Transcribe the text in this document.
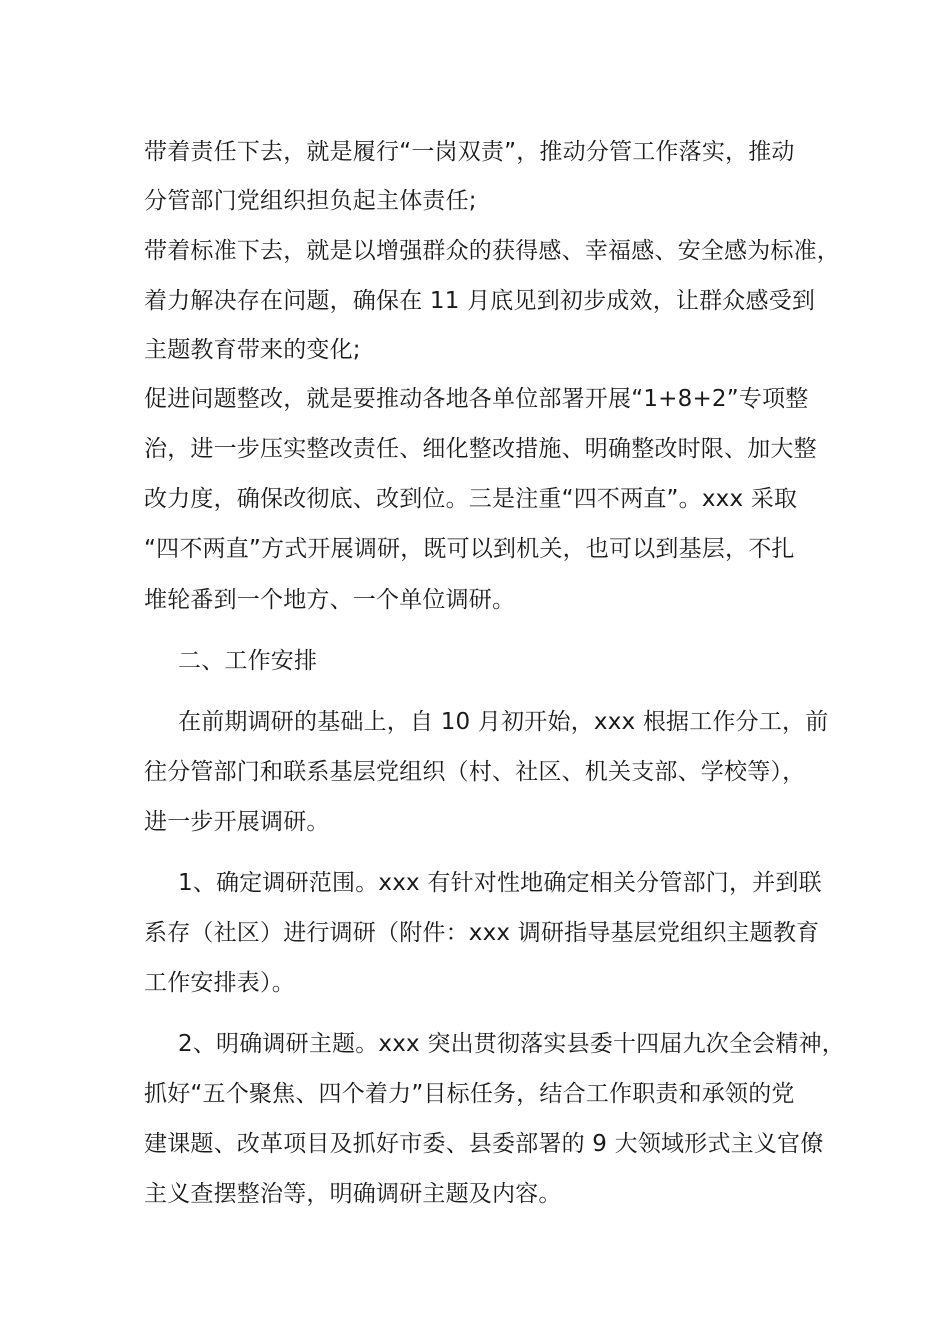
带着责任下去，就是履行“一岗双责”，推动分管工作落实，推动
分管部门党组织担负起主体责任;
带着标准下去，就是以增强群众的获得感、幸福感、安全感为标准，
着力解决存在问题，确保在 11 月底见到初步成效，让群众感受到
主题教育带来的变化;
促进问题整改，就是要推动各地各单位部署开展“1+8+2”专项整
治，进一步压实整改责任、细化整改措施、明确整改时限、加大整
改力度，确保改彻底、改到位。三是注重“四不两直”。xxx 采取
“四不两直”方式开展调研，既可以到机关，也可以到基层，不扎
堆轮番到一个地方、一个单位调研。
二、工作安排
在前期调研的基础上，自 10 月初开始，xxx 根据工作分工，前
往分管部门和联系基层党组织（村、社区、机关支部、学校等），
进一步开展调研。
1、确定调研范围。xxx 有针对性地确定相关分管部门，并到联
系存（社区）进行调研（附件：xxx 调研指导基层党组织主题教育
工作安排表）。
2、明确调研主题。xxx 突出贯彻落实县委十四届九次全会精神，
抓好“五个聚焦、四个着力”目标任务，结合工作职责和承领的党
建课题、改革项目及抓好市委、县委部署的 9 大领域形式主义官僚
主义查摆整治等，明确调研主题及内容。
